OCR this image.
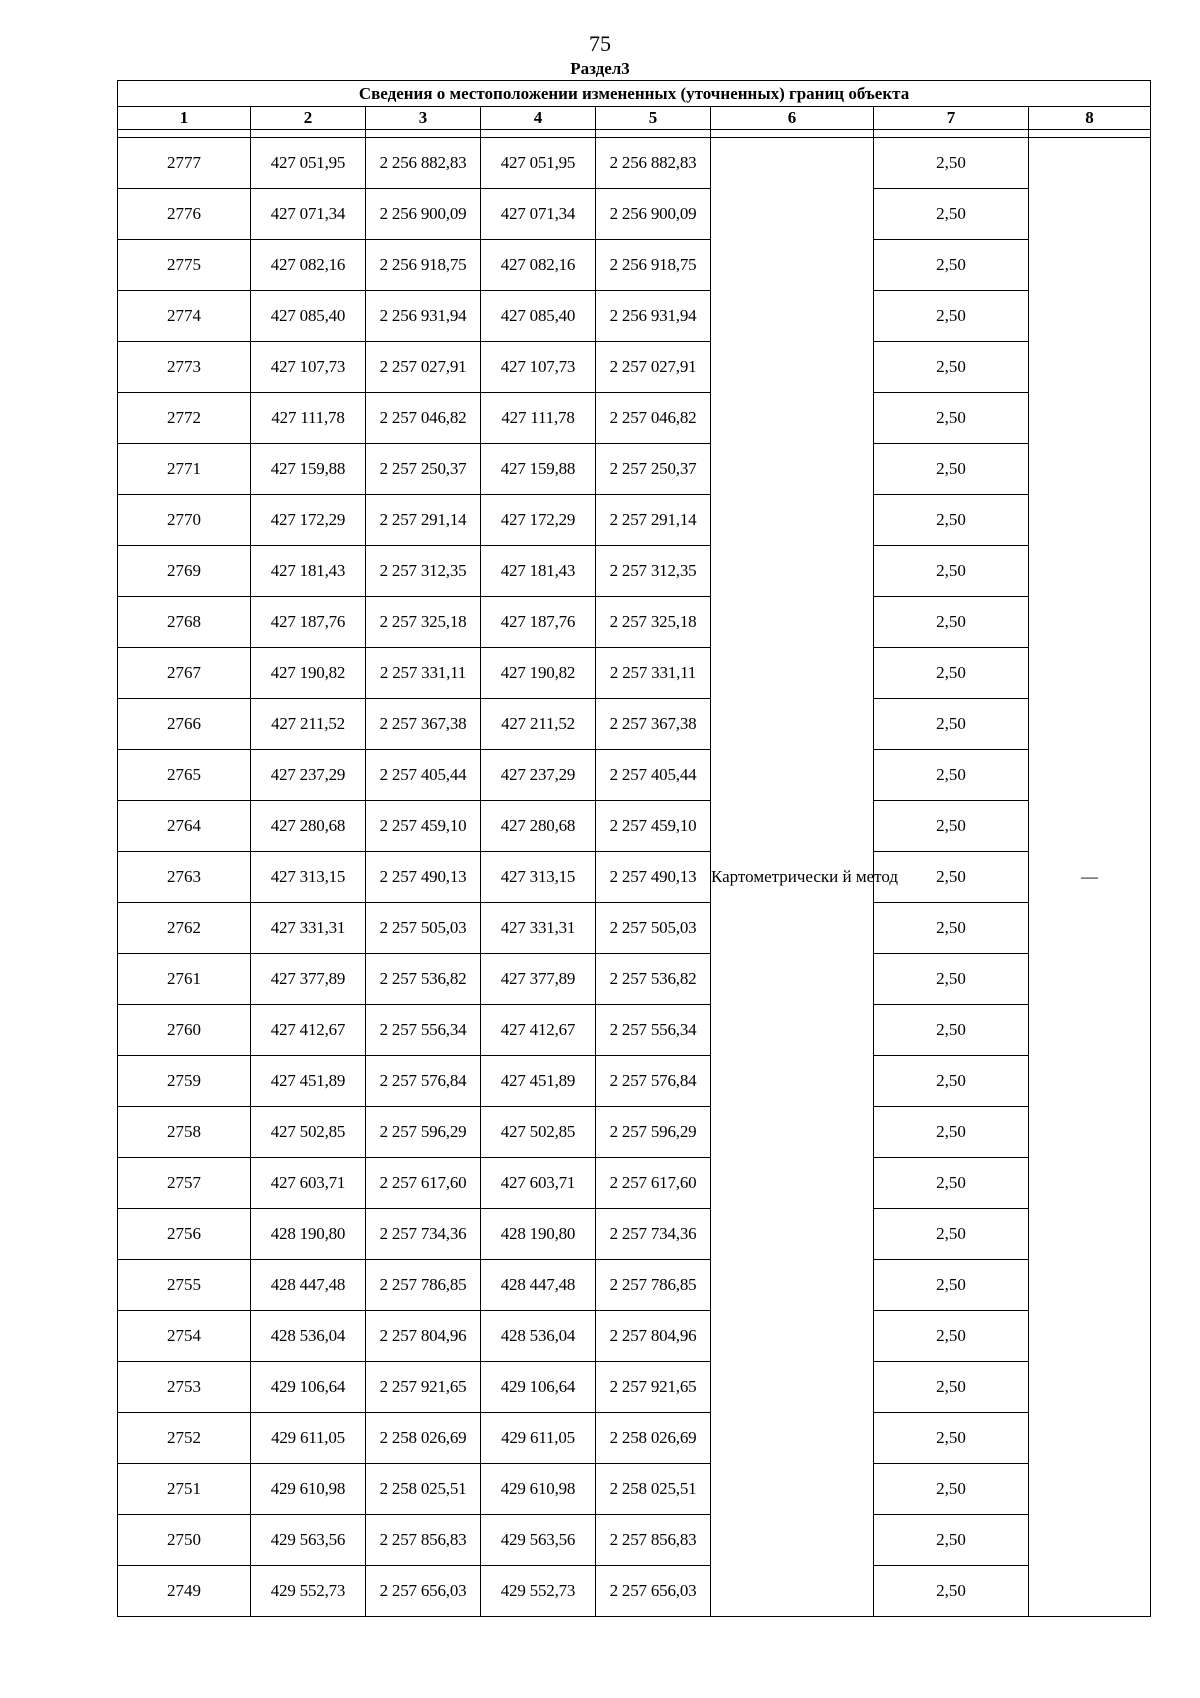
75
Раздел3
Сведения о местоположении измененных (уточненных) границ объекта							
1	2	3	4	5	6	7	8

2777	427 051,95	2 256 882,83	427 051,95	2 256 882,83	Картометрически й метод	2,50	—
2776	427 071,34	2 256 900,09	427 071,34	2 256 900,09		2,50	
2775	427 082,16	2 256 918,75	427 082,16	2 256 918,75		2,50	
2774	427 085,40	2 256 931,94	427 085,40	2 256 931,94		2,50	
2773	427 107,73	2 257 027,91	427 107,73	2 257 027,91		2,50	
2772	427 111,78	2 257 046,82	427 111,78	2 257 046,82		2,50	
2771	427 159,88	2 257 250,37	427 159,88	2 257 250,37		2,50	
2770	427 172,29	2 257 291,14	427 172,29	2 257 291,14		2,50	
2769	427 181,43	2 257 312,35	427 181,43	2 257 312,35		2,50	
2768	427 187,76	2 257 325,18	427 187,76	2 257 325,18		2,50	
2767	427 190,82	2 257 331,11	427 190,82	2 257 331,11		2,50	
2766	427 211,52	2 257 367,38	427 211,52	2 257 367,38		2,50	
2765	427 237,29	2 257 405,44	427 237,29	2 257 405,44		2,50	
2764	427 280,68	2 257 459,10	427 280,68	2 257 459,10		2,50	
2763	427 313,15	2 257 490,13	427 313,15	2 257 490,13		2,50	
2762	427 331,31	2 257 505,03	427 331,31	2 257 505,03		2,50	
2761	427 377,89	2 257 536,82	427 377,89	2 257 536,82		2,50	
2760	427 412,67	2 257 556,34	427 412,67	2 257 556,34		2,50	
2759	427 451,89	2 257 576,84	427 451,89	2 257 576,84		2,50	
2758	427 502,85	2 257 596,29	427 502,85	2 257 596,29		2,50	
2757	427 603,71	2 257 617,60	427 603,71	2 257 617,60		2,50	
2756	428 190,80	2 257 734,36	428 190,80	2 257 734,36		2,50	
2755	428 447,48	2 257 786,85	428 447,48	2 257 786,85		2,50	
2754	428 536,04	2 257 804,96	428 536,04	2 257 804,96		2,50	
2753	429 106,64	2 257 921,65	429 106,64	2 257 921,65		2,50	
2752	429 611,05	2 258 026,69	429 611,05	2 258 026,69		2,50	
2751	429 610,98	2 258 025,51	429 610,98	2 258 025,51		2,50	
2750	429 563,56	2 257 856,83	429 563,56	2 257 856,83		2,50	
2749	429 552,73	2 257 656,03	429 552,73	2 257 656,03		2,50	
